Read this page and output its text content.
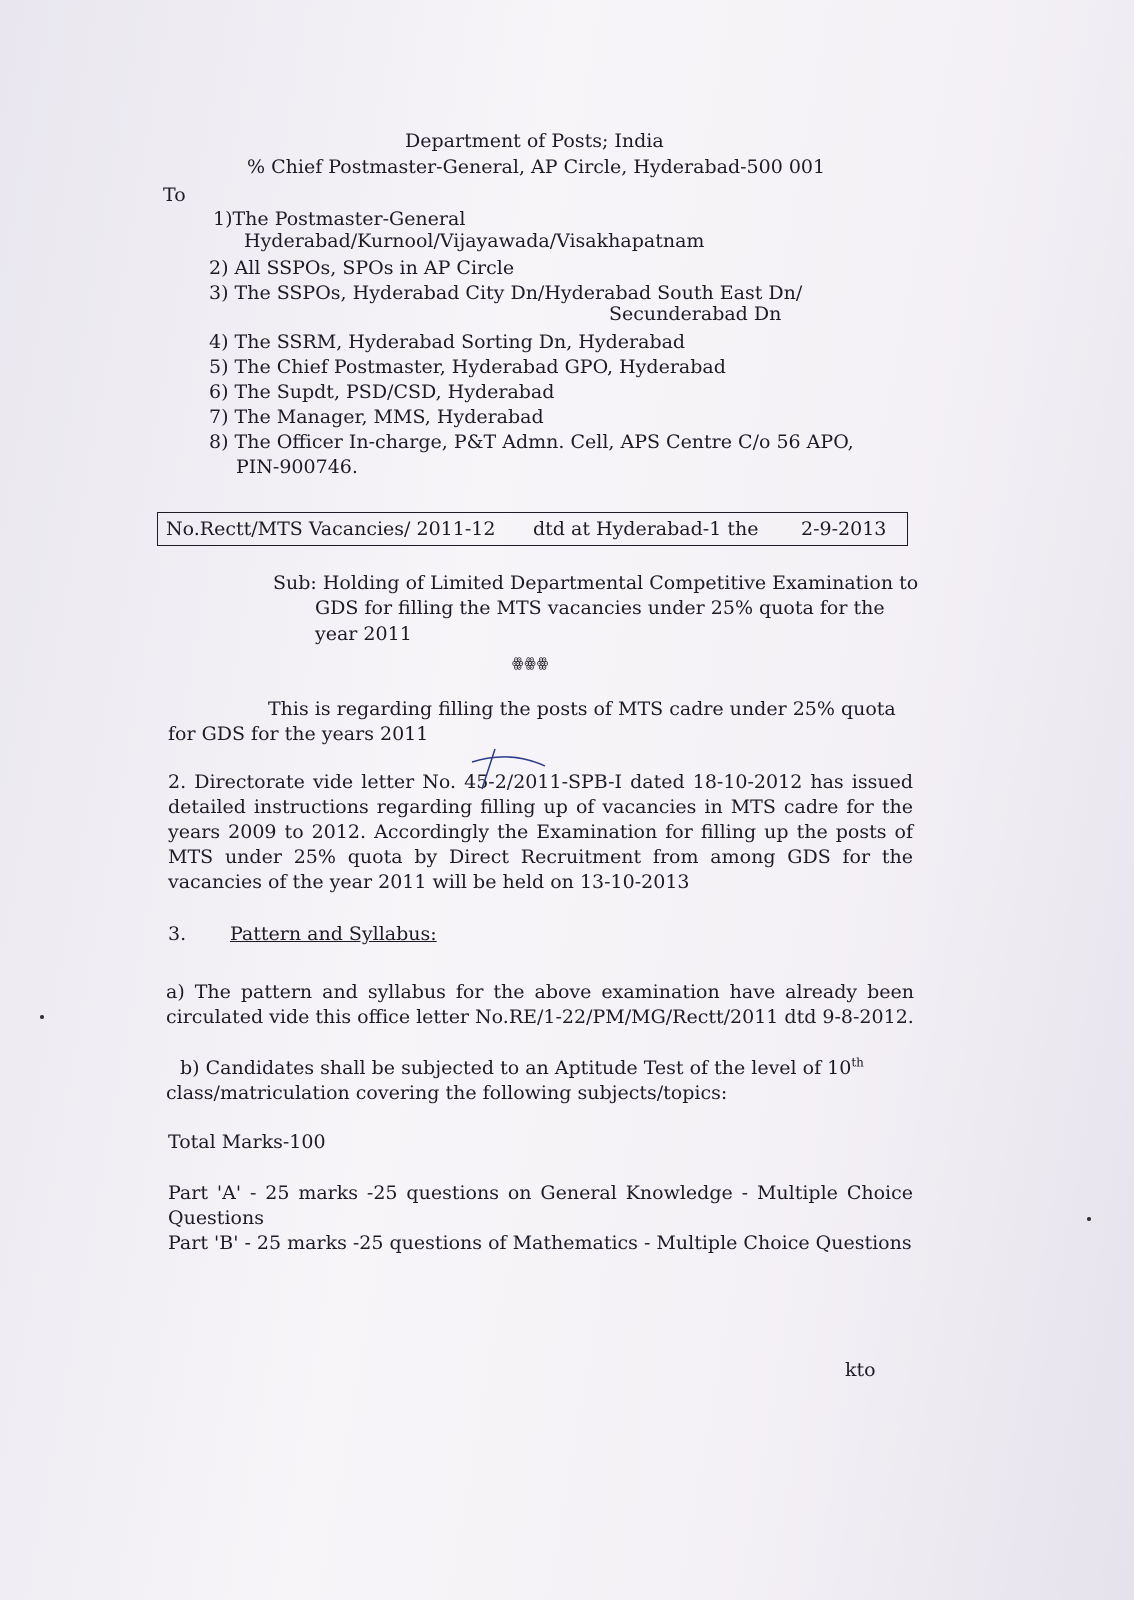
Department of Posts; India
% Chief Postmaster-General, AP Circle, Hyderabad-500 001
To
1)The Postmaster-General
Hyderabad/Kurnool/Vijayawada/Visakhapatnam
2) All SSPOs, SPOs in AP Circle
3) The SSPOs, Hyderabad City Dn/Hyderabad South East Dn/
Secunderabad Dn
4) The SSRM, Hyderabad Sorting Dn, Hyderabad
5) The Chief Postmaster, Hyderabad GPO, Hyderabad
6) The Supdt, PSD/CSD, Hyderabad
7) The Manager, MMS, Hyderabad
8) The Officer In-charge, P&T Admn. Cell, APS Centre C/o 56 APO,
PIN-900746.
No.Rectt/MTS Vacancies/ 2011-12 dtd at Hyderabad-1 the 2-9-2013
Sub: Holding of Limited Departmental Competitive Examination to
GDS for filling the MTS vacancies under 25% quota for the
year 2011
ꙮꙮꙮ
This is regarding filling the posts of MTS cadre under 25% quota
for GDS for the years 2011
2. Directorate vide letter No. 45-2/2011-SPB-I dated 18-10-2012 has issued detailed instructions regarding filling up of vacancies in MTS cadre for the years 2009 to 2012. Accordingly the Examination for filling up the posts of MTS under 25% quota by Direct Recruitment from among GDS for the vacancies of the year 2011 will be held on 13-10-2013
3. Pattern and Syllabus:
a) The pattern and syllabus for the above examination have already been circulated vide this office letter No.RE/1-22/PM/MG/Rectt/2011 dtd 9-8-2012.
b) Candidates shall be subjected to an Aptitude Test of the level of 10th
class/matriculation covering the following subjects/topics:
Total Marks-100
Part 'A' - 25 marks -25 questions on General Knowledge - Multiple Choice Questions
Part 'B' - 25 marks -25 questions of Mathematics - Multiple Choice Questions
kto
